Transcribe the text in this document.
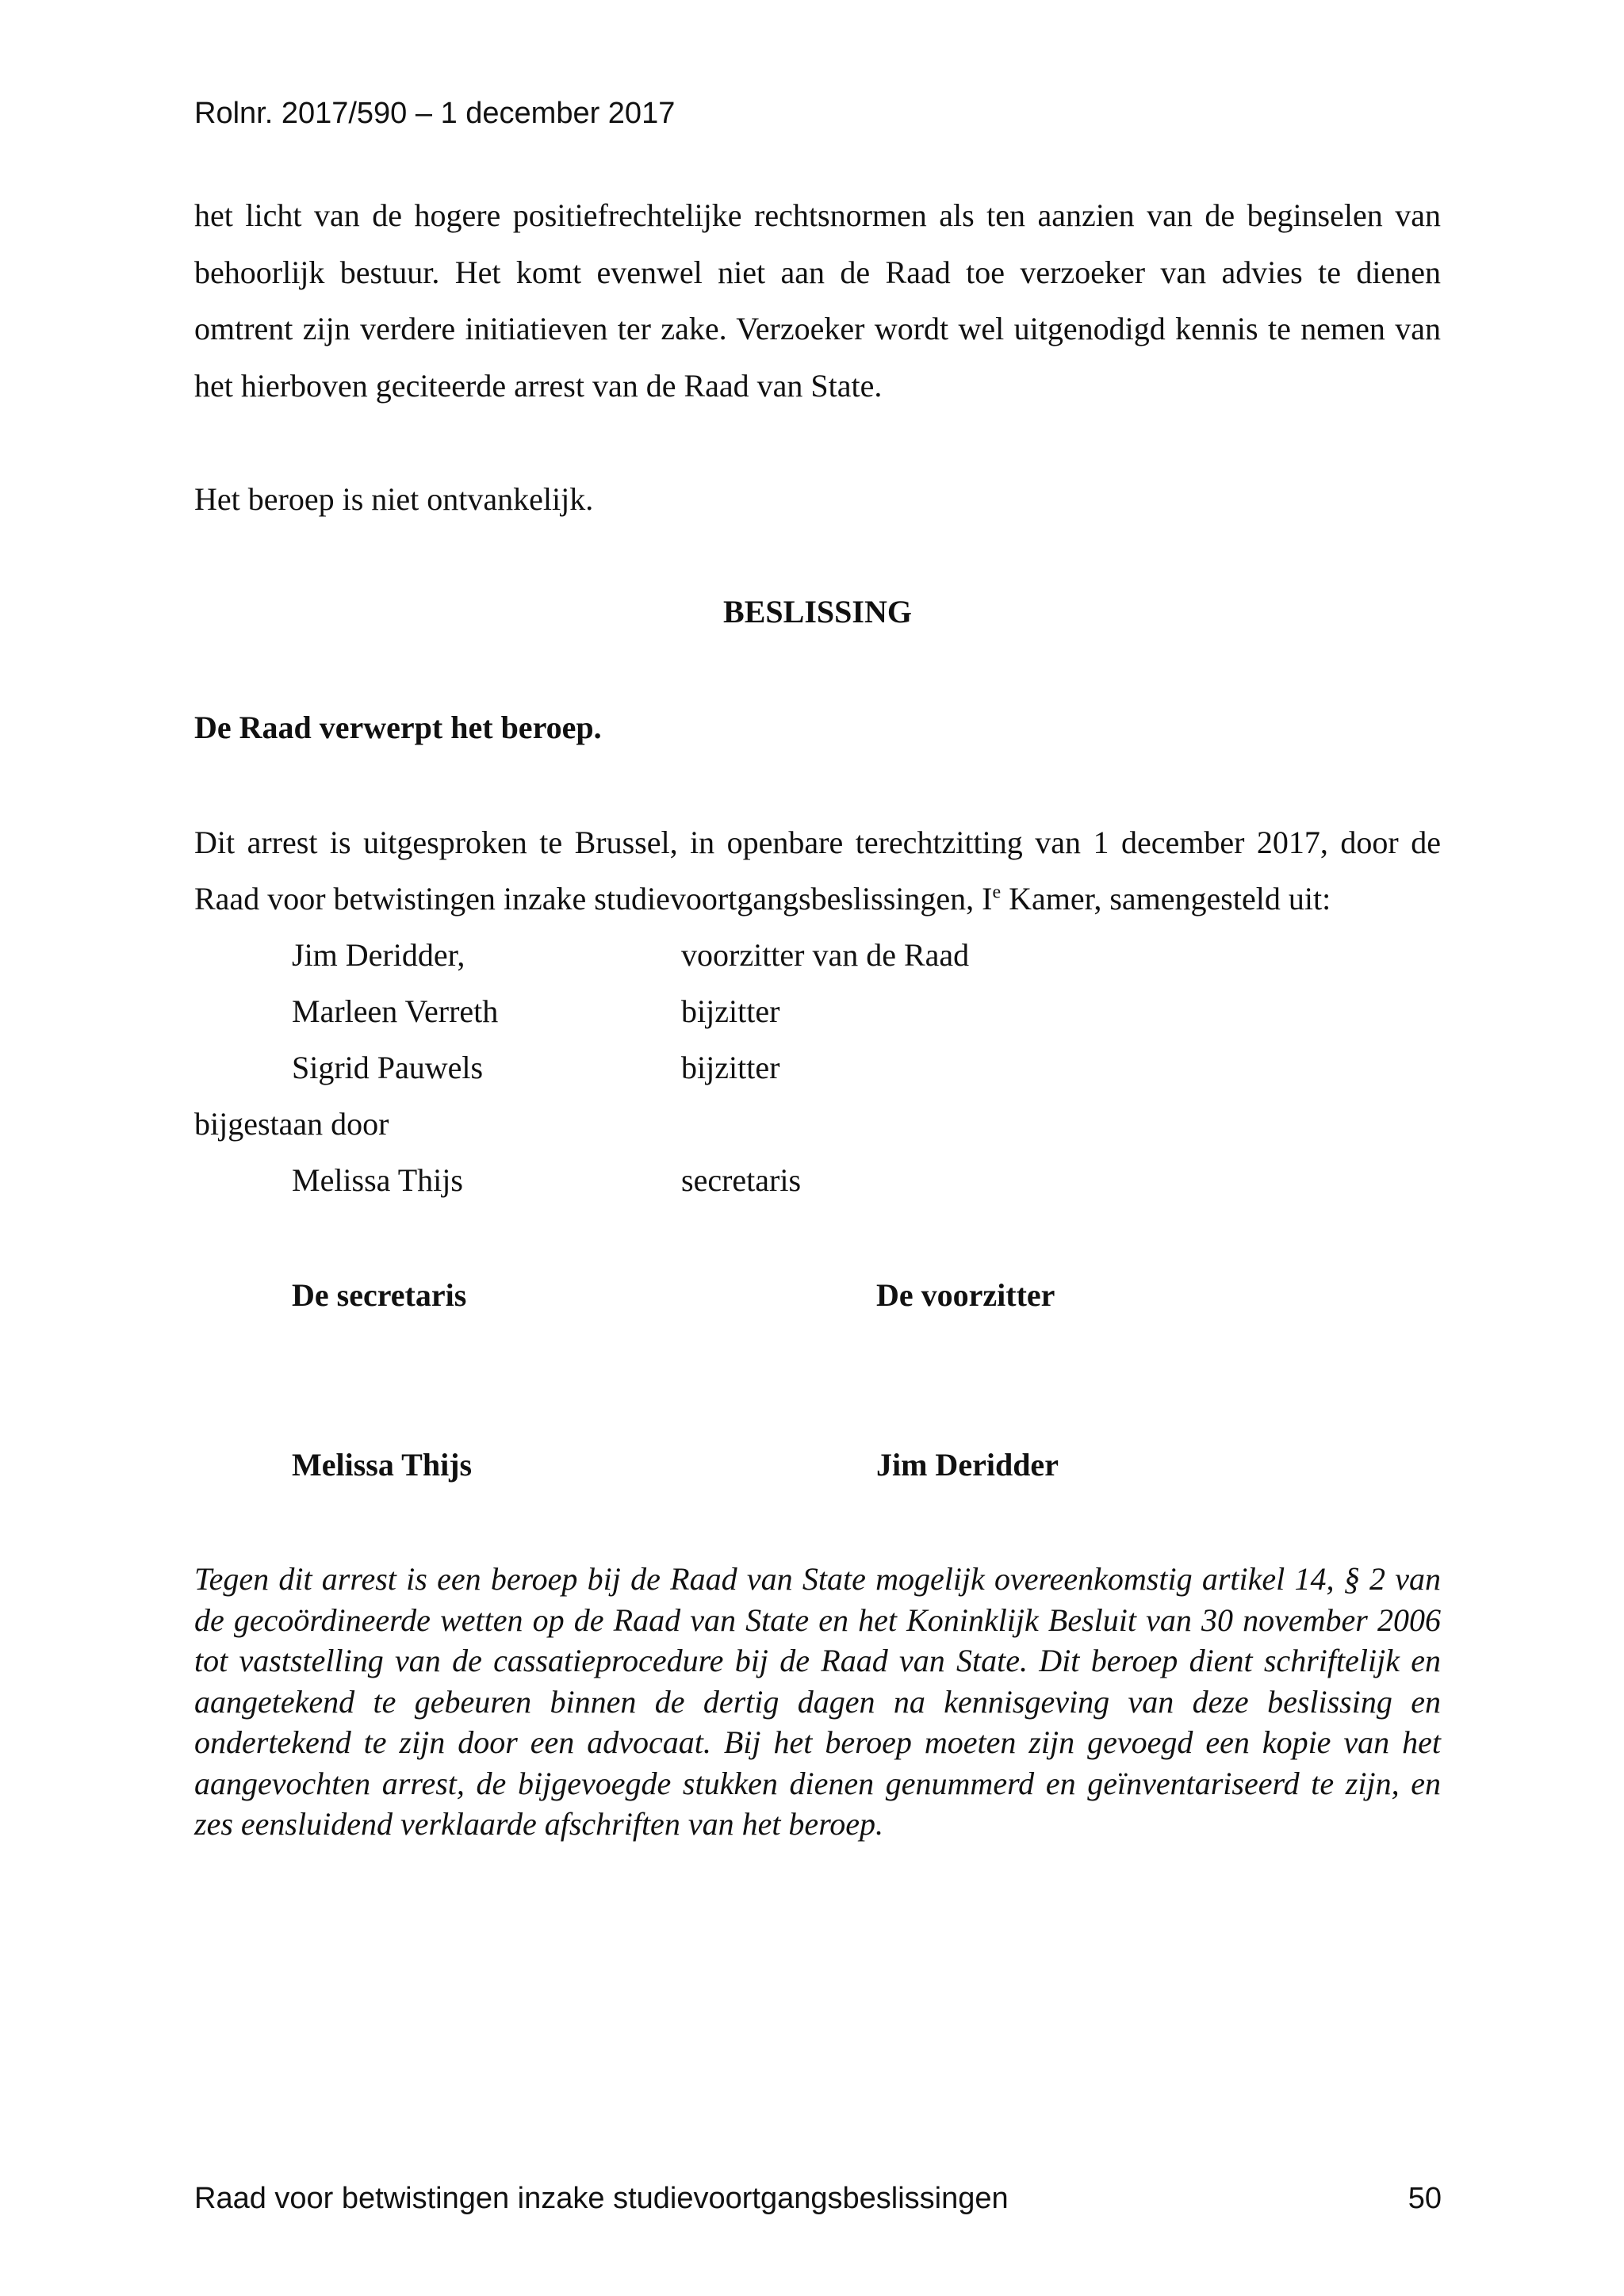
Rolnr. 2017/590 – 1 december 2017

het licht van de hogere positiefrechtelijke rechtsnormen als ten aanzien van de beginselen van behoorlijk bestuur. Het komt evenwel niet aan de Raad toe verzoeker van advies te dienen omtrent zijn verdere initiatieven ter zake. Verzoeker wordt wel uitgenodigd kennis te nemen van het hierboven geciteerde arrest van de Raad van State.

Het beroep is niet ontvankelijk.

BESLISSING

De Raad verwerpt het beroep.

Dit arrest is uitgesproken te Brussel, in openbare terechtzitting van 1 december 2017, door de

Raad voor betwistingen inzake studievoortgangsbeslissingen, Ie Kamer, samengesteld uit:

Jim Deridder,	voorzitter van de Raad
Marleen Verreth	bijzitter
Sigrid Pauwels	bijzitter
bijgestaan door
Melissa Thijs	secretaris
De secretaris	De voorzitter
Melissa Thijs	Jim Deridder

Tegen dit arrest is een beroep bij de Raad van State mogelijk overeenkomstig artikel 14, § 2 van de gecoördineerde wetten op de Raad van State en het Koninklijk Besluit van 30 november 2006 tot vaststelling van de cassatieprocedure bij de Raad van State. Dit beroep dient schriftelijk en aangetekend te gebeuren binnen de dertig dagen na kennisgeving van deze beslissing en ondertekend te zijn door een advocaat. Bij het beroep moeten zijn gevoegd een kopie van het aangevochten arrest, de bijgevoegde stukken dienen genummerd en geïnventariseerd te zijn, en zes eensluidend verklaarde afschriften van het beroep.

Raad voor betwistingen inzake studievoortgangsbeslissingen	50
